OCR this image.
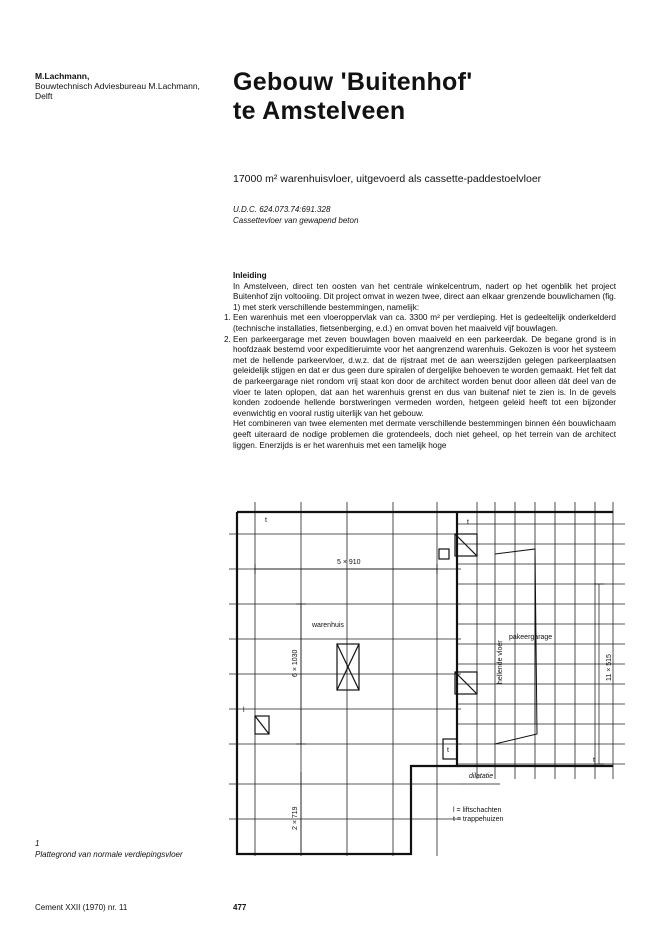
M.Lachmann,
Bouwtechnisch Adviesbureau M.Lachmann,
Delft	Gebouw 'Buitenhof'
te Amstelveen
17000 m² warenhuisvloer, uitgevoerd als cassette-paddestoelvloer
U.D.C. 624.073.74:691.328
Cassettevloer van gewapend beton

Inleiding

In Amstelveen, direct ten oosten van het centrale winkelcentrum, nadert op het ogenblik het project Buitenhof zijn voltooiing. Dit project omvat in wezen twee, direct aan elkaar grenzende bouwlichamen (fig. 1) met sterk verschillende bestemmingen, namelijk:

1. Een warenhuis met een vloeroppervlak van ca. 3300 m² per verdieping. Het is gedeeltelijk onderkelderd (technische installaties, fietsenberging, e.d.) en omvat boven het maaiveld vijf bouwlagen.

2. Een parkeergarage met zeven bouwlagen boven maaiveld en een parkeerdak. De begane grond is in hoofdzaak bestemd voor expeditieruimte voor het aangrenzend warenhuis. Gekozen is voor het systeem met de hellende parkeervloer, d.w.z. dat de rijstraat met de aan weerszijden gelegen parkeerplaatsen geleidelijk stijgen en dat er dus geen dure spiralen of dergelijke behoeven te worden gemaakt. Het felt dat de parkeergarage niet rondom vrij staat kon door de architect worden benut door alleen dát deel van de vloer te laten oplopen, dat aan het warenhuis grenst en dus van buitenaf niet te zien is. In de gevels konden zodoende hellende borstweringen vermeden worden, hetgeen geleid heeft tot een bijzonder evenwichtig en vooral rustig uiterlijk van het gebouw.

Het combineren van twee elementen met dermate verschillende bestemmingen binnen één bouwlichaam geeft uiteraard de nodige problemen die grotendeels, doch niet geheel, op het terrein van de architect liggen. Enerzijds is er het warenhuis met een tamelijk hoge

5 × 910
6 × 1030
2 × 719
11 × 515
warenhuis
pakeergarage
hellende vloer
dilatatie
t	t
t
t
l
l = liftschachten
t = trappehuizen
1
Plattegrond van normale verdiepingsvloer
Cement XXII (1970) nr. 11	477
